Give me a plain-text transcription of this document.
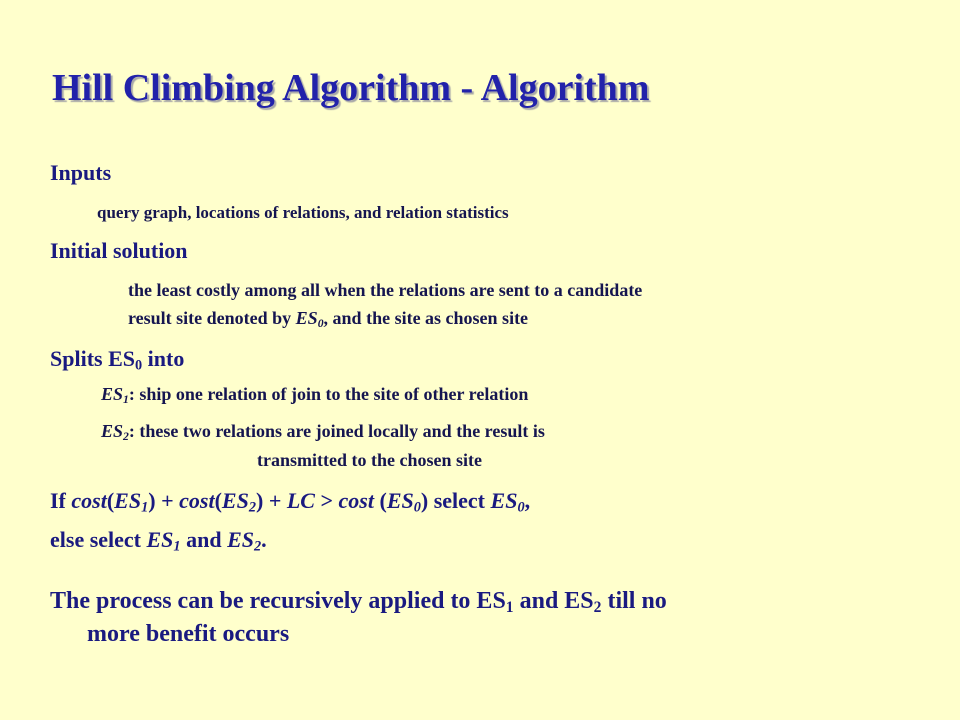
Hill Climbing Algorithm - Algorithm
Inputs
query graph, locations of relations, and relation statistics
Initial solution
the least costly among all when the relations are sent to a candidate
result site denoted by $ES_0$, and the site as chosen site
Splits $ES_0$ into
$ES_1$: ship one relation of join to the site of other relation
$ES_2$: these two relations are joined locally and the result is
transmitted to the chosen site
If $\cos t(ES_1) + \cos t(ES_2)$ + LC > cost $(ES_0)$ select $ES_0$,
else select $ES_1$ and $ES_2$.
The process can be recursively applied to $ES_1$ and $ES_2$ till no
more benefit occurs
